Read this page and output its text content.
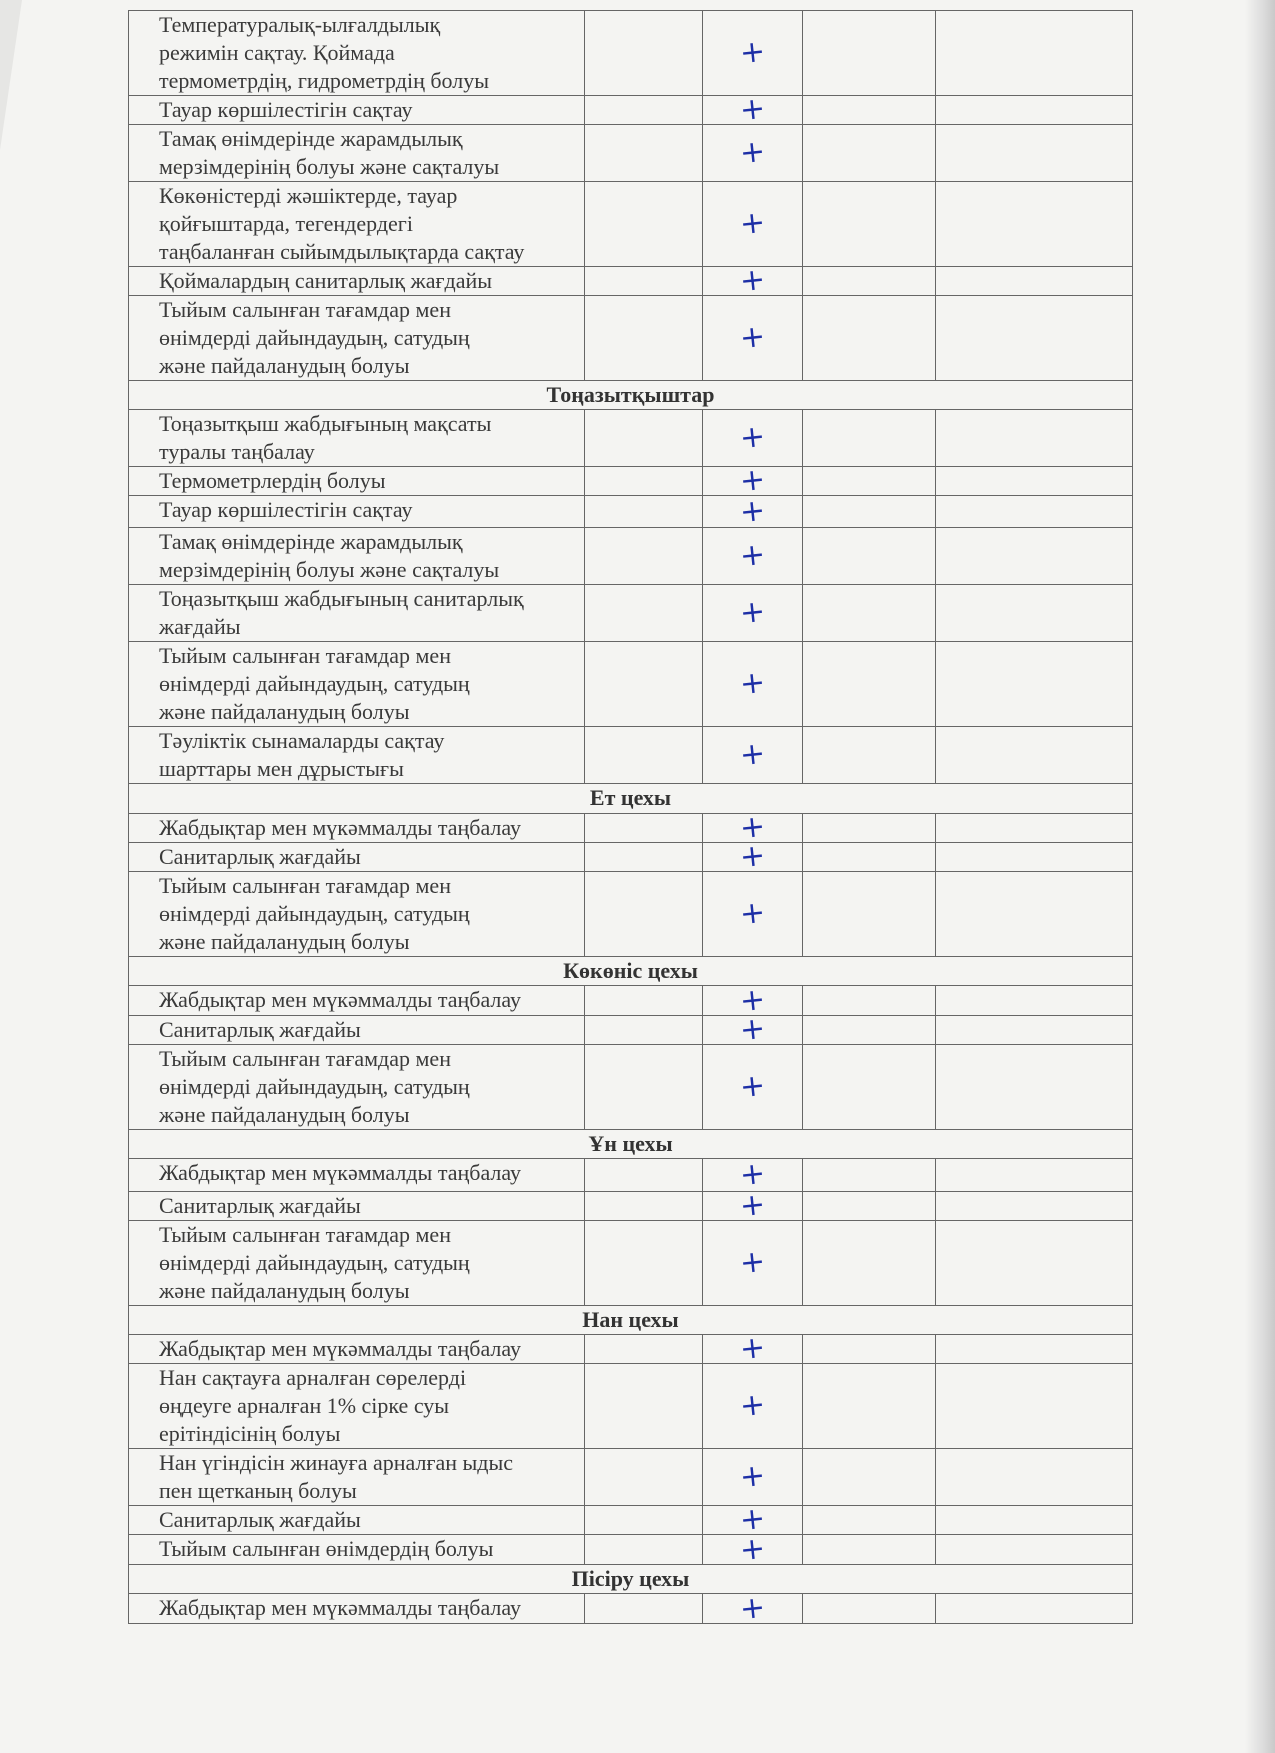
Температуралық-ылғалдылық
режимін сақтау. Қоймада
термометрдің, гидрометрдің болуы		+		

Тауар көршілестігін сақтау		+		

Тамақ өнімдерінде жарамдылық
мерзімдерінің болуы және сақталуы		+		

Көкөністерді жәшіктерде, тауар
қойғыштарда, тегендердегі
таңбаланған сыйымдылықтарда сақтау		+		

Қоймалардың санитарлық жағдайы		+		

Тыйым салынған тағамдар мен
өнімдерді дайындаудың, сатудың
және пайдаланудың болуы		+		
Тоңазытқыштар				

Тоңазытқыш жабдығының мақсаты
туралы таңбалау		+		

Термометрлердің болуы		+		

Тауар көршілестігін сақтау		+		

Тамақ өнімдерінде жарамдылық
мерзімдерінің болуы және сақталуы		+		

Тоңазытқыш жабдығының санитарлық
жағдайы		+		

Тыйым салынған тағамдар мен
өнімдерді дайындаудың, сатудың
және пайдаланудың болуы		+		

Тәуліктік сынамаларды сақтау
шарттары мен дұрыстығы		+		
Ет цехы				

Жабдықтар мен мүкәммалды таңбалау		+		

Санитарлық жағдайы		+		

Тыйым салынған тағамдар мен
өнімдерді дайындаудың, сатудың
және пайдаланудың болуы		+		
Көкөніс цехы				

Жабдықтар мен мүкәммалды таңбалау		+		

Санитарлық жағдайы		+		

Тыйым салынған тағамдар мен
өнімдерді дайындаудың, сатудың
және пайдаланудың болуы		+		
Ұн цехы				

Жабдықтар мен мүкәммалды таңбалау		+		

Санитарлық жағдайы		+		

Тыйым салынған тағамдар мен
өнімдерді дайындаудың, сатудың
және пайдаланудың болуы		+		
Нан цехы				

Жабдықтар мен мүкәммалды таңбалау		+		

Нан сақтауға арналған сөрелерді
өңдеуге арналған 1% сірке суы
ерітіндісінің болуы		+		

Нан үгіндісін жинауға арналған ыдыс
пен щетканың болуы		+		

Санитарлық жағдайы		+		

Тыйым салынған өнімдердің болуы		+		
Пісіру цехы				

Жабдықтар мен мүкәммалды таңбалау		+		
